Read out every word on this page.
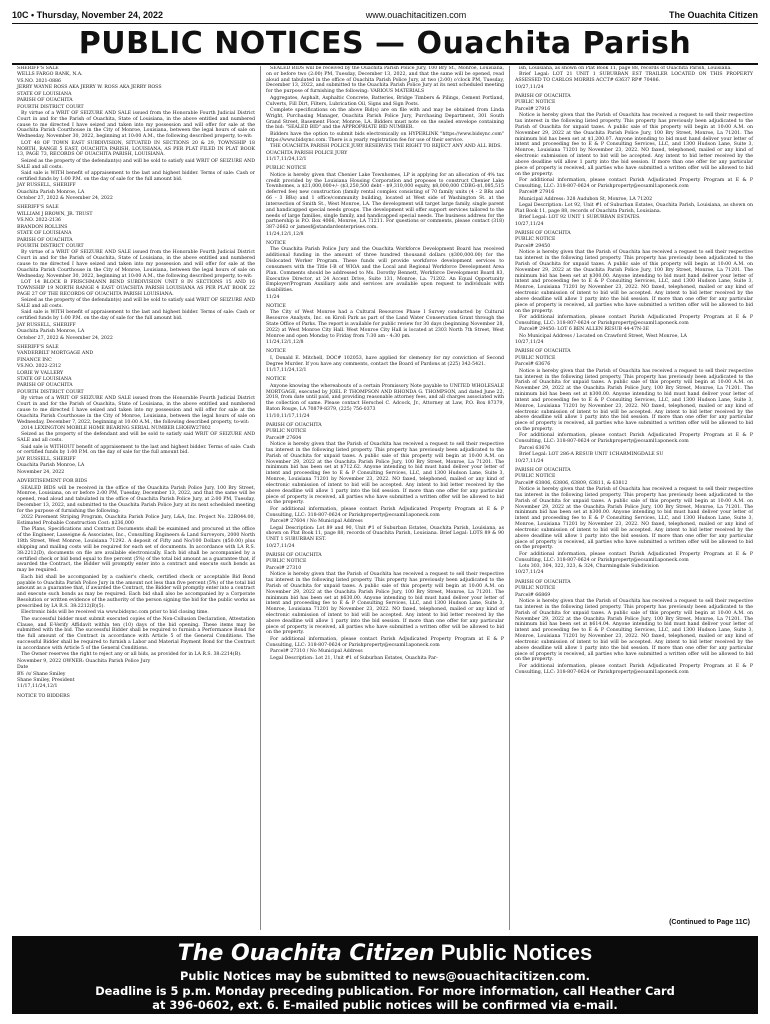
10C • Thursday, November 24, 2022	www.ouachitacitizen.com	The Ouachita Citizen
PUBLIC NOTICES — Ouachita Parish

SHERIFF'S SALE

WELLS FARGO BANK, N.A.

VS.NO. 2021-0886

JERRY WAYNE ROSS AKA JERRY W. ROSS AKA JERRY ROSS

STATE OF LOUISIANA

PARISH OF OUACHITA

FOURTH DISTRICT COURT

By virtue of a WRIT OF SEIZURE AND SALE issued from the Honorable Fourth Judicial District Court in and for the Parish of Ouachita, State of Louisiana, in the above entitled and numbered cause to me directed I have seized and taken into my possession and will offer for sale at the Ouachita Parish Courthouse in the City of Monroe, Louisiana, between the legal hours of sale on Wednesday, November 30, 2022, beginning at 10:00 A.M., the following described property, to-wit:

LOT 48 OF TOWN EAST SUBDIVISION, SITUATED IN SECTIONS 20 & 29, TOWNSHIP 18 NORTH, RANGE 5 EAST, OUACHITA PARISH, LOUISIANA, AS PER PLAT FILED IN PLAT BOOK 13, PAGE 73, RECORDS OF OUACHITA PARISH, LOUISIANA.

Seized as the property of the defendant(s) and will be sold to satisfy said WRIT OF SEIZURE AND SALE and all costs.

Said sale is WITH benefit of appraisement to the last and highest bidder. Terms of sale: Cash or certified funds by 1:00 P.M. on the day of sale for the full amount bid.

JAY RUSSELL, SHERIFF

Ouachita Parish Monroe, LA

October 27, 2022 & November 24, 2022

SHERIFF'S SALE

WILLIAM J BROWN, JR. TRUST

VS.NO. 2022-2136

BRANDON ROLLINS

STATE OF LOUISIANA

PARISH OF OUACHITA

FOURTH DISTRICT COURT

By virtue of a WRIT OF SEIZURE AND SALE issued from the Honorable Fourth Judicial District Court in and for the Parish of Ouachita, State of Louisiana, in the above entitled and numbered cause to me directed I have seized and taken into my possession and will offer for sale at the Ouachita Parish Courthouse in the City of Monroe, Louisiana, between the legal hours of sale on Wednesday, November 30, 2022, beginning at 10:00 A.M., the following described property, to-wit:

LOT 14 BLOCK B FRISCHMANN BEND SUBDIVISION UNIT 8 IN SECTIONS 15 AND 16 TOWNSHIP 19 NORTH RANGE 4 EAST OUACHITA PARISH LOUISIANA AS PER PLAT BOOK 22 PAGE 27 OF THE RECORDS OF OUACHITA PARISH LOUISIANA.

Seized as the property of the defendant(s) and will be sold to satisfy said WRIT OF SEIZURE AND SALE and all costs.

Said sale is WITH benefit of appraisement to the last and highest bidder. Terms of sale: Cash or certified funds by 1:00 P.M. on the day of sale for the full amount bid.

JAY RUSSELL, SHERIFF

Ouachita Parish Monroe, LA

October 27, 2022 & November 24, 2022

SHERIFF'S SALE

VANDERBILT MORTGAGE AND

FINANCE INC

VS.NO. 2022-2312

LORIE W VALLERY

STATE OF LOUISIANA

PARISH OF OUACHITA

FOURTH DISTRICT COURT

By virtue of a WRIT OF SEIZURE AND SALE issued from the Honorable Fourth Judicial District Court in and for the Parish of Ouachita, State of Louisiana, in the above entitled and numbered cause to me directed I have seized and taken into my possession and will offer for sale at the Ouachita Parish Courthouse in the City of Monroe, Louisiana, between the legal hours of sale on Wednesday, December 7, 2022, beginning at 10:00 A.M., the following described property, to-wit:

2014 LEXINGTON MOBILE HOME BEARING SERIAL NUMBER LHOHW27802

Seized as the property of the defendant and will be sold to satisfy said WRIT OF SEIZURE AND SALE and all costs.

Said sale is WITHOUT benefit of appraisement to the last and highest bidder. Terms of sale: Cash or certified funds by 1:00 P.M. on the day of sale for the full amount bid.

JAY RUSSELL, SHERIFF

Ouachita Parish Monroe, LA

November 24, 2022

ADVERTISEMENT FOR BIDS

SEALED BIDS will be received in the office of the Ouachita Parish Police Jury, 100 Bry Street, Monroe, Louisiana, on or before 2:00 PM, Tuesday, December 13, 2022, and that the same will be opened, read aloud and tabulated in the office of Ouachita Parish Police Jury, at 2:00 PM, Tuesday, December 13, 2022, and submitted to the Ouachita Parish Police Jury at its next scheduled meeting for the purpose of furnishing the following:

2022 Pavement Striping Program, Ouachita Parish Police Jury, L&A, Inc. Project No. 22B044.00, Estimated Probable Construction Cost: $236,000

The Plans, Specifications and Contract Documents shall be examined and procured at the office of the Engineer, Lasseigne & Associates, Inc., Consulting Engineers & Land Surveyors, 2000 North 18th Street, West Monroe, Louisiana 71292. A deposit of Fifty and No/100 Dollars ($50.00) plus shipping and mailing costs will be required for each set of documents. In accordance with LA R.S. 38:2212(D), documents on file are available electronically. Each bid shall be accompanied by a certified check or bid bond equal to five percent (5%) of the total bid amount as a guarantee that, if awarded the Contract, the Bidder will promptly enter into a contract and execute such bonds as may be required.

Each bid shall be accompanied by a cashier's check, certified check or acceptable Bid Bond payable to Ouachita Parish Police Jury in the amount not less than five percent (5%) of the total bid amount as a guarantee that, if awarded the Contract, the Bidder will promptly enter into a contract and execute such bonds as may be required. Each bid shall also be accompanied by a Corporate Resolution or written evidence of the authority of the person signing the bid for the public works as prescribed by LA R.S. 38:2212(B)(5).

Electronic bids will be received via www.bidsync.com prior to bid closing time.

The successful bidder must submit executed copies of the Non-Collusion Declaration, Attestation Clause, and E-Verify Affidavit within ten (10) days of the bid opening. These items may be submitted with the bid. The successful Bidder shall be required to furnish a Performance Bond for the full amount of the Contract in accordance with Article 5 of the General Conditions. The successful Bidder shall be required to furnish a Labor and Material Payment Bond for the Contract in accordance with Article 5 of the General Conditions.

The Owner reserves the right to reject any or all bids, as provided for in LA R.S. 38:2214(B).

November 9, 2022 OWNER: Ouachita Parish Police Jury

Date

BY: /s/ Shane Smiley

Shane Smiley, President

11/17,11/24,12/1

NOTICE TO BIDDERS

SEALED BIDS will be received by the Ouachita Parish Police Jury, 100 Bry St., Monroe, Louisiana, on or before two (2:00) PM, Tuesday, December 13, 2022, and that the same will be opened, read aloud and tabulated in the office of Ouachita Parish Police Jury, at two (2:00) o'clock PM, Tuesday, December 13, 2022, and submitted to the Ouachita Parish Police Jury at its next scheduled meeting for the purpose of furnishing the following: VARIOUS MATERIALS

Aggregates, Asphalt, Asphaltic Concrete, Batteries, Bridge Timbers & Pilings, Cement Portland, Culverts, Fill Dirt, Filters, Lubrication Oil, Signs and Sign Posts.

Complete specifications on the above Bid(s) are on file with and may be obtained from Linda Wright, Purchasing Manager, Ouachita Parish Police Jury, Purchasing Department, 301 South Grand Street, Basement Floor, Monroe, LA. Bidders must note on the sealed envelope containing the bid: "SEALED BID" and the APPROPRIATE BID NUMBER.

Bidders have the option to submit bids electronically on HYPERLINK "https://www.bidsync.com" https://www.bidsync.com. There is a yearly registration fee for use of their service.

THE OUACHITA PARISH POLICE JURY RESERVES THE RIGHT TO REJECT ANY AND ALL BIDS.

OUACHITA PARISH POLICE JURY

11/17,11/24,12/1

PUBLIC NOTICE

Notice is hereby given that Chenier Lake Townhomes, LP is applying for an allocation of 4% tax credit provided by the Louisiana Housing Corporation and proposes to construct Chenier Lake Townhomes, a $21,000,000+/- ($3,250,500 debt - $9,310,000 equity, $8,000,000 CDBG-$1,085,515 deferred fee) new construction (family rental complex consisting of 70 family units (4 - 2 BRs and 66 - 3 BRs) and 1 office/community building, located at West side of Washington St. at the intersection of Smith St., West Monroe, LA. The development will target large family, single parent and handicapped special needs groups. The development will offer support services tailored to the needs of large families, single family, and handicapped special needs. The business address for the partnership is P.O. Box 4066, Monroe, LA 71211. For questions or comments, please contact (318) 387-2662 or jamesf@standardenterprises.com.

11/24,12/1,12/8

NOTICE

The Ouachita Parish Police Jury and the Ouachita Workforce Development Board has received additional funding in the amount of three hundred thousand dollars ($300,000.00) for the Dislocated Worker Program. These funds will provide workforce development services to consumers with the Title I-B of WIOA and the Local and Regional Workforce Development Area Plan. Comments should be addressed to Ms. Dorothy Bennett, Workforce Development Board 83, Executive Director, at 24 Accent Drive, Suite 131, Monroe, La. 71202. An Equal Opportunity Employer/Program Auxiliary aids and services are available upon request to individuals with disabilities.

11/24

NOTICE

The City of West Monroe had a Cultural Resources Phase I Survey conducted by Cultural Resource Analysts, Inc. on Kiroli Park as part of the Land Water Conservation Grant through the State Office of Parks. The report is available for public review for 30 days (beginning November 28, 2022) at West Monroe City Hall. West Monroe City Hall is located at 2303 North 7th Street, West Monroe and open Monday to Friday from 7:30 am - 4:30 pm.

11/24,12/1,12/8

NOTICE

I, Donald E. Mitchell, DOC# 102053, have applied for clemency for my conviction of Second Degree Murder. If you have any comments, contact the Board of Pardons at (225) 342-5421.

11/17,11/24,12/1

NOTICE

Anyone knowing the whereabouts of a certain Promissory Note payable to UNITED WHOLESALE MORTGAGE, executed by JOEL P. THOMPSON AND RHONDA G. THOMPSON, and dated June 22, 2018, from date until paid, and providing reasonable attorney fees, and all charges associated with the collection of same. Please contact Herschel C. Adcock, Jr., Attorney at Law, P.O. Box 87379, Baton Rouge, LA 70879-8379, (225) 756-0373

11/10,11/17,11/24

PARISH OF OUACHITA

PUBLIC NOTICE

Parcel# 27604

Notice is hereby given that the Parish of Ouachita has received a request to sell their respective tax interest in the following listed property. This property has previously been adjudicated to the Parish of Ouachita for unpaid taxes. A public sale of this property will begin at 10:00 A.M. on November 29, 2022 at the Ouachita Parish Police Jury, 100 Bry Street, Monroe, La 71201. The minimum bid has been set at $712.62. Anyone intending to bid must hand deliver your letter of intent and proceeding fee to E & P Consulting Services, LLC, and 1300 Hudson Lane, Suite 3, Monroe, Louisiana 71201 by November 23, 2022. NO faxed, telephoned, mailed or any kind of electronic submission of intent to bid will be accepted. Any intent to bid letter received by the above deadline will allow 1 party into the bid session. If more than one offer for any particular piece of property is received, all parties who have submitted a written offer will be allowed to bid on the property.

For additional information, please contact Parish Adjudicated Property Program at E & P Consulting, LLC: 318-807-0624 or Parishproperty@ecsaml1aponeck.com

Parcel# 27604 / No Municipal Address

Legal Description: Lot 89 and 90, Unit #1 of Suburban Estates, Ouachita Parish, Louisiana, as shown on Plat Book 11, page 88, records of Ouachita Parish, Louisiana. Brief Legal: LOTS 89 & 90 UNIT 1 SUBURBAN EST.

10/27,11/24

PARISH OF OUACHITA

PUBLIC NOTICE

Parcel# 27310

Notice is hereby given that the Parish of Ouachita has received a request to sell their respective tax interest in the following listed property. This property has previously been adjudicated to the Parish of Ouachita for unpaid taxes. A public sale of this property will begin at 10:00 A.M. on November 29, 2022 at the Ouachita Parish Police Jury, 100 Bry Street, Monroe, La 71201. The minimum bid has been set at $630.00. Anyone intending to bid must hand deliver your letter of intent and proceeding fee to E & P Consulting Services, LLC, and 1300 Hudson Lane, Suite 3, Monroe, Louisiana 71201 by November 23, 2022. NO faxed, telephoned, mailed or any kind of electronic submission of intent to bid will be accepted. Any intent to bid letter received by the above deadline will allow 1 party into the bid session. If more than one offer for any particular piece of property is received, all parties who have submitted a written offer will be allowed to bid on the property.

For additional information, please contact Parish Adjudicated Property Program at E & P Consulting, LLC: 318-807-0624 or Parishproperty@ecsaml1aponeck.com

Parcel# 27310 / No Municipal Address

Legal Description: Lot 21, Unit #1 of Suburban Estates, Ouachita Par-

ish, Louisiana, as shown on Plat Book 11, page 88, records of Ouachita Parish, Louisiana.

Brief Legal: LOT 21 UNIT 1 SUBURBAN EST TRAILER LOCATED ON THIS PROPERTY ASSESSED TO CARLOS MORRIS ACCT# 63637 RP# 70486.

10/27,11/24

PARISH OF OUACHITA

PUBLIC NOTICE

Parcel# 27916

Notice is hereby given that the Parish of Ouachita has received a request to sell their respective tax interest in the following listed property. This property has previously been adjudicated to the Parish of Ouachita for unpaid taxes. A public sale of this property will begin at 10:00 A.M. on November 29, 2022 at the Ouachita Parish Police Jury, 100 Bry Street, Monroe, La 71201. The minimum bid has been set at $1,200.07. Anyone intending to bid must hand deliver your letter of intent and proceeding fee to E & P Consulting Services, LLC, and 1300 Hudson Lane, Suite 3, Monroe, Louisiana 71201 by November 23, 2022. NO faxed, telephoned, mailed or any kind of electronic submission of intent to bid will be accepted. Any intent to bid letter received by the above deadline will allow 1 party into the bid session. If more than one offer for any particular piece of property is received, all parties who have submitted a written offer will be allowed to bid on the property.

For additional information, please contact Parish Adjudicated Property Program at E & P Consulting, LLC: 318-807-0624 or Parishproperty@ecsaml1aponeck.com

Parcel# 27916

Municipal Address: 328 Audubon St, Monroe, LA 71202

Legal Description: Lot 92, Unit #1 of Suburban Estates, Ouachita Parish, Louisiana, as shown on Plat Book 11, page 88, records of Ouachita Parish, Louisiana.

Brief Legal: LOT 92 UNIT 1 SUBURBAN ESTATES.

10/27,11/24

PARISH OF OUACHITA

PUBLIC NOTICE

Parcel# 29450

Notice is hereby given that the Parish of Ouachita has received a request to sell their respective tax interest in the following listed property. This property has previously been adjudicated to the Parish of Ouachita for unpaid taxes. A public sale of this property will begin at 10:00 A.M. on November 29, 2022 at the Ouachita Parish Police Jury, 100 Bry Street, Monroe, La 71201. The minimum bid has been set at $300.00. Anyone intending to bid must hand deliver your letter of intent and proceeding fee to E & P Consulting Services, LLC, and 1300 Hudson Lane, Suite 3, Monroe, Louisiana 71201 by November 23, 2022. NO faxed, telephoned, mailed or any kind of electronic submission of intent to bid will be accepted. Any intent to bid letter received by the above deadline will allow 1 party into the bid session. If more than one offer for any particular piece of property is received, all parties who have submitted a written offer will be allowed to bid on the property.

For additional information, please contact Parish Adjudicated Property Program at E & P Consulting, LLC: 318-807-0624 or Parishproperty@ecsaml1aponeck.com

Parcel# 29450: LOT 6 BEN ALLEN RESUB 44-47N-3E

No Municipal Address / Located on Crawford Street, West Monroe, LA

10/27,11/24

PARISH OF OUACHITA

PUBLIC NOTICE

Parcel# 63676

Notice is hereby given that the Parish of Ouachita has received a request to sell their respective tax interest in the following listed property. This property has previously been adjudicated to the Parish of Ouachita for unpaid taxes. A public sale of this property will begin at 10:00 A.M. on November 29, 2022 at the Ouachita Parish Police Jury, 100 Bry Street, Monroe, La 71201. The minimum bid has been set at $300.00. Anyone intending to bid must hand deliver your letter of intent and proceeding fee to E & P Consulting Services, LLC, and 1300 Hudson Lane, Suite 3, Monroe, Louisiana 71201 by November 23, 2022. NO faxed, telephoned, mailed or any kind of electronic submission of intent to bid will be accepted. Any intent to bid letter received by the above deadline will allow 1 party into the bid session. If more than one offer for any particular piece of property is received, all parties who have submitted a written offer will be allowed to bid on the property.

For additional information, please contact Parish Adjudicated Property Program at E & P Consulting, LLC: 318-807-0624 or Parishproperty@ecsaml1aponeck.com

Parcel 63676

Brief Legal: LOT 286-A RESUB UNIT 1CHARMINGDALE SU

10/27,11/24

PARISH OF OUACHITA

PUBLIC NOTICE

Parcel# 63806, 63806, 63809, 63811, & 63812

Notice is hereby given that the Parish of Ouachita has received a request to sell their respective tax interest in the following listed property. This property has previously been adjudicated to the Parish of Ouachita for unpaid taxes. A public sale of this property will begin at 10:00 A.M. on November 29, 2022 at the Ouachita Parish Police Jury, 100 Bry Street, Monroe, La 71201. The minimum bid has been set at $300.00. Anyone intending to bid must hand deliver your letter of intent and proceeding fee to E & P Consulting Services, LLC, and 1300 Hudson Lane, Suite 3, Monroe, Louisiana 71201 by November 23, 2022. NO faxed, telephoned, mailed or any kind of electronic submission of intent to bid will be accepted. Any intent to bid letter received by the above deadline will allow 1 party into the bid session. If more than one offer for any particular piece of property is received, all parties who have submitted a written offer will be allowed to bid on the property.

For additional information, please contact Parish Adjudicated Property Program at E & P Consulting, LLC: 318-807-0624 or Parishproperty@ecsaml1aponeck.com

Lots 303, 304, 322, 323, & 324, Charmingdale Subdivision

10/27,11/24

PARISH OF OUACHITA

PUBLIC NOTICE

Parcel# 66869

Notice is hereby given that the Parish of Ouachita has received a request to sell their respective tax interest in the following listed property. This property has previously been adjudicated to the Parish of Ouachita for unpaid taxes. A public sale of this property will begin at 10:00 A.M. on November 29, 2022 at the Ouachita Parish Police Jury, 100 Bry Street, Monroe, La 71201. The minimum bid has been set at $614.04. Anyone intending to bid must hand deliver your letter of intent and proceeding fee to E & P Consulting Services, LLC, and 1300 Hudson Lane, Suite 3, Monroe, Louisiana 71201 by November 23, 2022. NO faxed, telephoned, mailed or any kind of electronic submission of intent to bid will be accepted. Any intent to bid letter received by the above deadline will allow 1 party into the bid session. If more than one offer for any particular piece of property is received, all parties who have submitted a written offer will be allowed to bid on the property.

For additional information, please contact Parish Adjudicated Property Program at E & P Consulting, LLC: 318-807-0624 or Parishproperty@ecsaml1aponeck.com

(Continued to Page 11C)
The Ouachita Citizen Public Notices
Public Notices may be submitted to news@ouachitacitizen.com.
Deadline is 5 p.m. Monday preceding publication. For more information, call Heather Card
at 396-0602, ext. 6. E-mailed public notices will be confirmed via e-mail.
